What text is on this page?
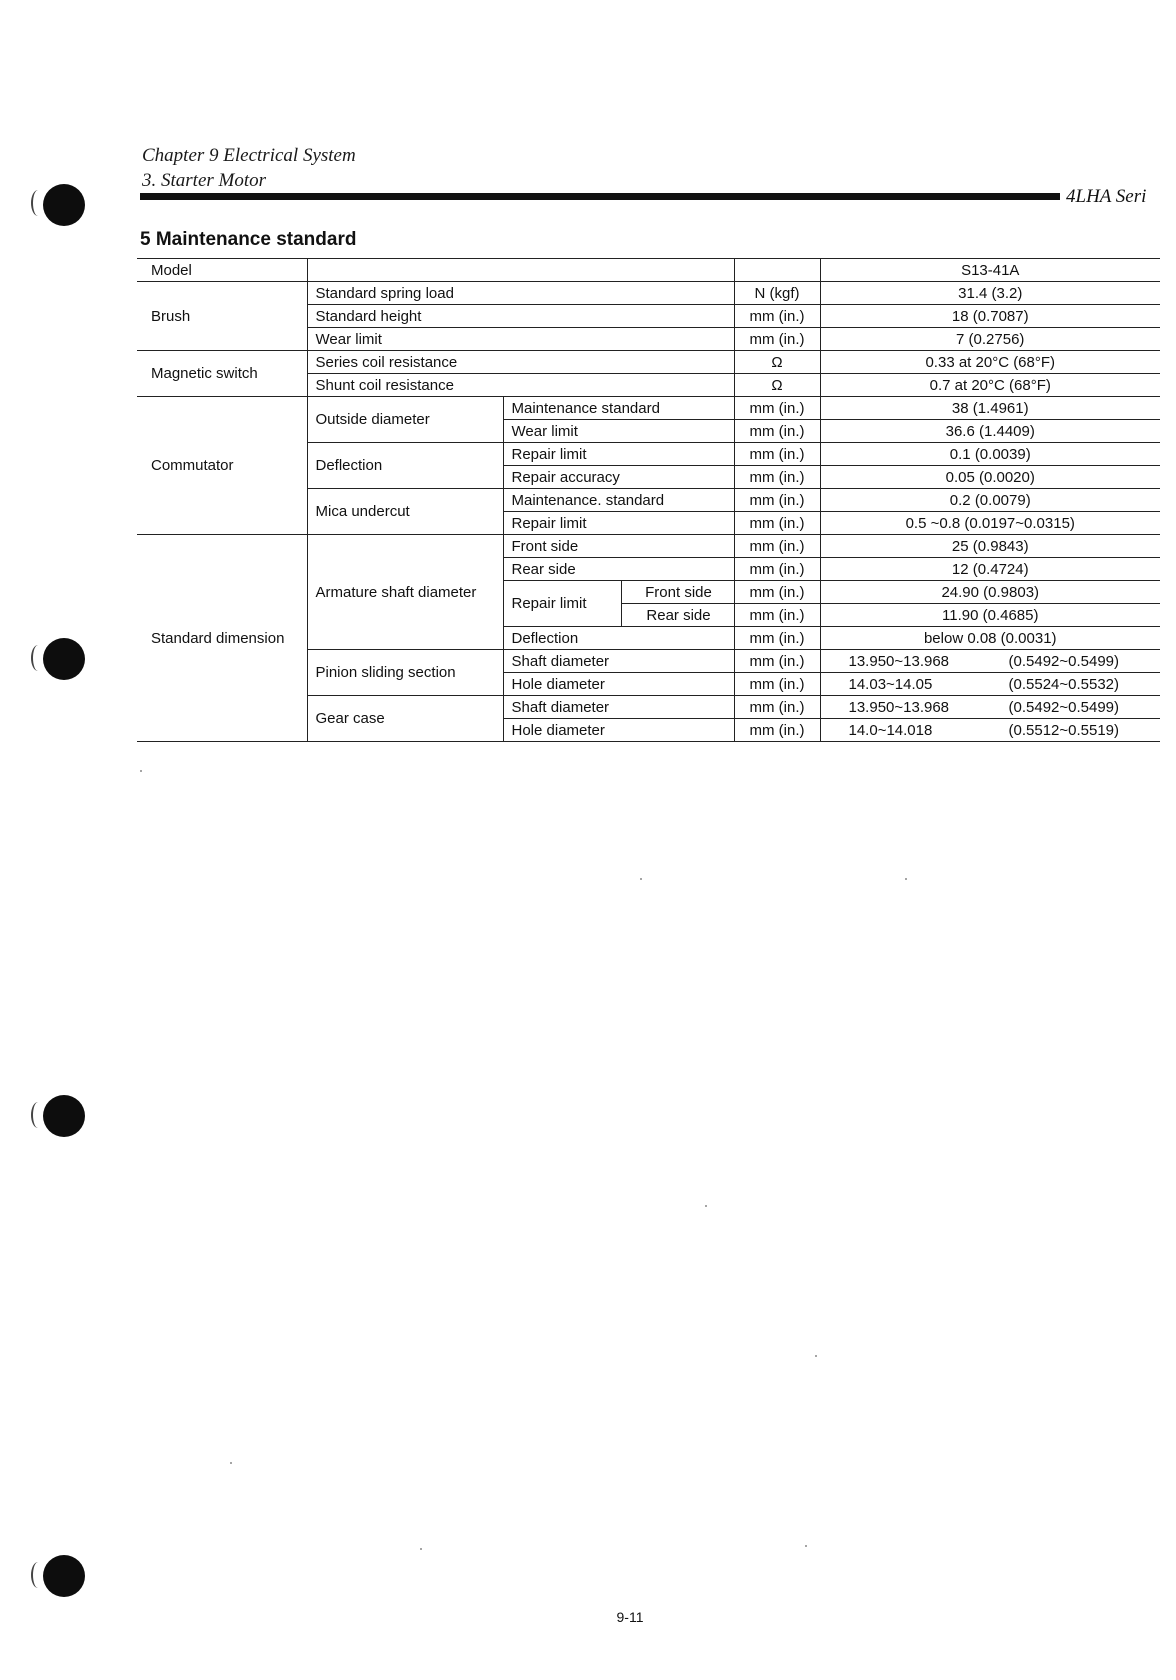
Chapter 9 Electrical System
3. Starter Motor
4LHA Seri
5 Maintenance standard
Model					S13-41A
Brush	Standard spring load			N (kgf)	31.4 (3.2)
	Standard height			mm (in.)	18 (0.7087)
	Wear limit			mm (in.)	7 (0.2756)
Magnetic switch	Series coil resistance			Ω	0.33 at 20°C (68°F)
	Shunt coil resistance			Ω	0.7 at 20°C (68°F)
Commutator	Outside diameter	Maintenance standard		mm (in.)	38 (1.4961)
		Wear limit		mm (in.)	36.6 (1.4409)
	Deflection	Repair limit		mm (in.)	0.1 (0.0039)
		Repair accuracy		mm (in.)	0.05 (0.0020)
	Mica undercut	Maintenance. standard		mm (in.)	0.2 (0.0079)
		Repair limit		mm (in.)	0.5 ~0.8 (0.0197~0.0315)
Standard dimension	Armature shaft diameter	Front side		mm (in.)	25 (0.9843)
		Rear side		mm (in.)	12 (0.4724)
		Repair limit	Front side	mm (in.)	24.90 (0.9803)
			Rear side	mm (in.)	11.90 (0.4685)
		Deflection		mm (in.)	below 0.08 (0.0031)
	Pinion sliding section	Shaft diameter		mm (in.)	13.950~13.968 (0.5492~0.5499)
		Hole diameter		mm (in.)	14.03~14.05 (0.5524~0.5532)
	Gear case	Shaft diameter		mm (in.)	13.950~13.968 (0.5492~0.5499)
		Hole diameter		mm (in.)	14.0~14.018 (0.5512~0.5519)
9-11
